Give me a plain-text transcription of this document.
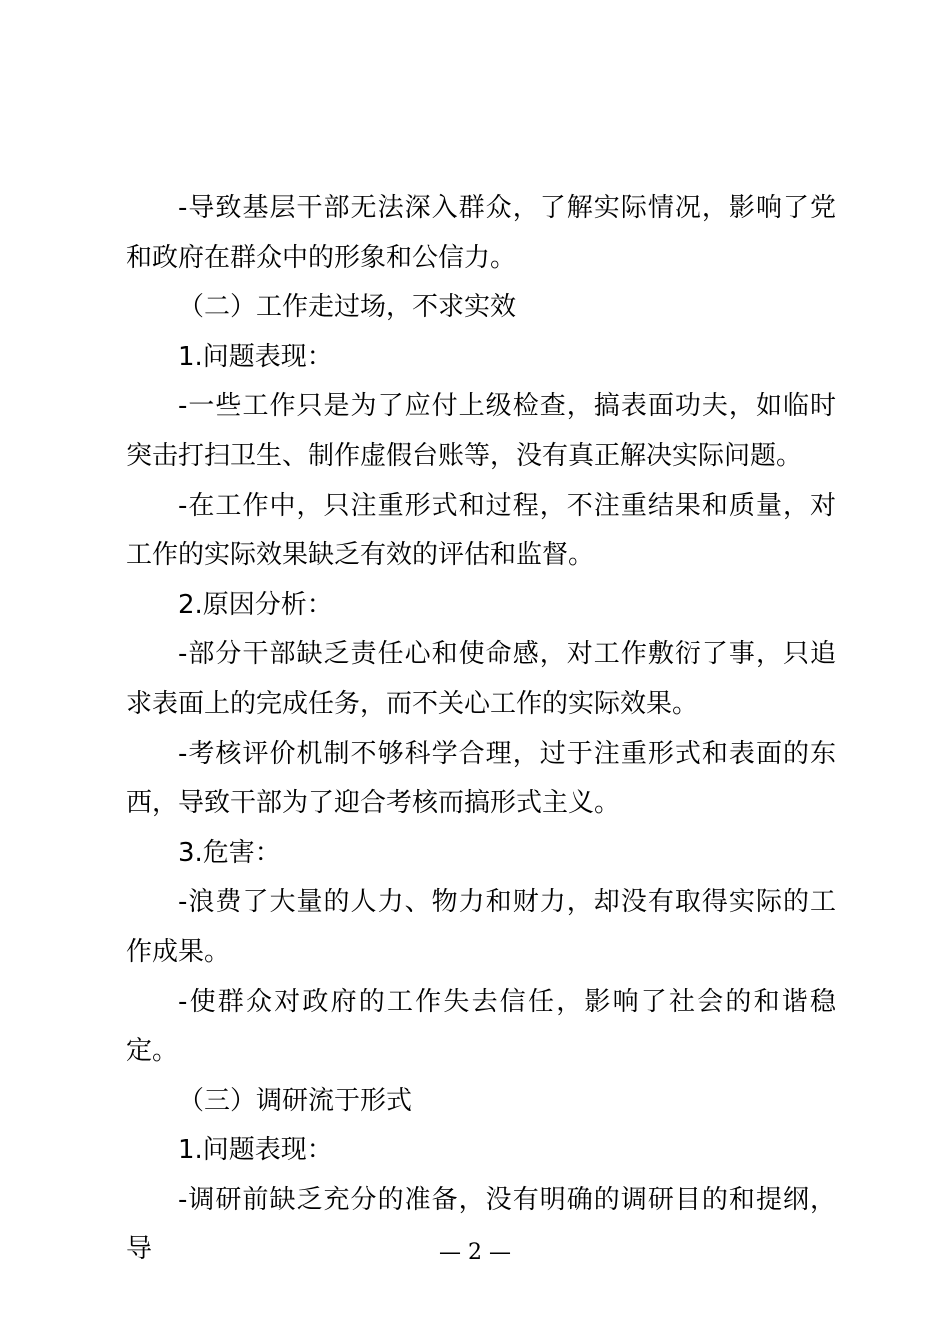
-导致基层干部无法深入群众，了解实际情况，影响了党和政府在群众中的形象和公信力。

（二）工作走过场，不求实效

1.问题表现：

-一些工作只是为了应付上级检查，搞表面功夫，如临时突击打扫卫生、制作虚假台账等，没有真正解决实际问题。

-在工作中，只注重形式和过程，不注重结果和质量，对工作的实际效果缺乏有效的评估和监督。

2.原因分析：

-部分干部缺乏责任心和使命感，对工作敷衍了事，只追求表面上的完成任务，而不关心工作的实际效果。

-考核评价机制不够科学合理，过于注重形式和表面的东西，导致干部为了迎合考核而搞形式主义。

3.危害：

-浪费了大量的人力、物力和财力，却没有取得实际的工作成果。

-使群众对政府的工作失去信任，影响了社会的和谐稳定。

（三）调研流于形式

1.问题表现：

-调研前缺乏充分的准备，没有明确的调研目的和提纲，导	— 2 —
